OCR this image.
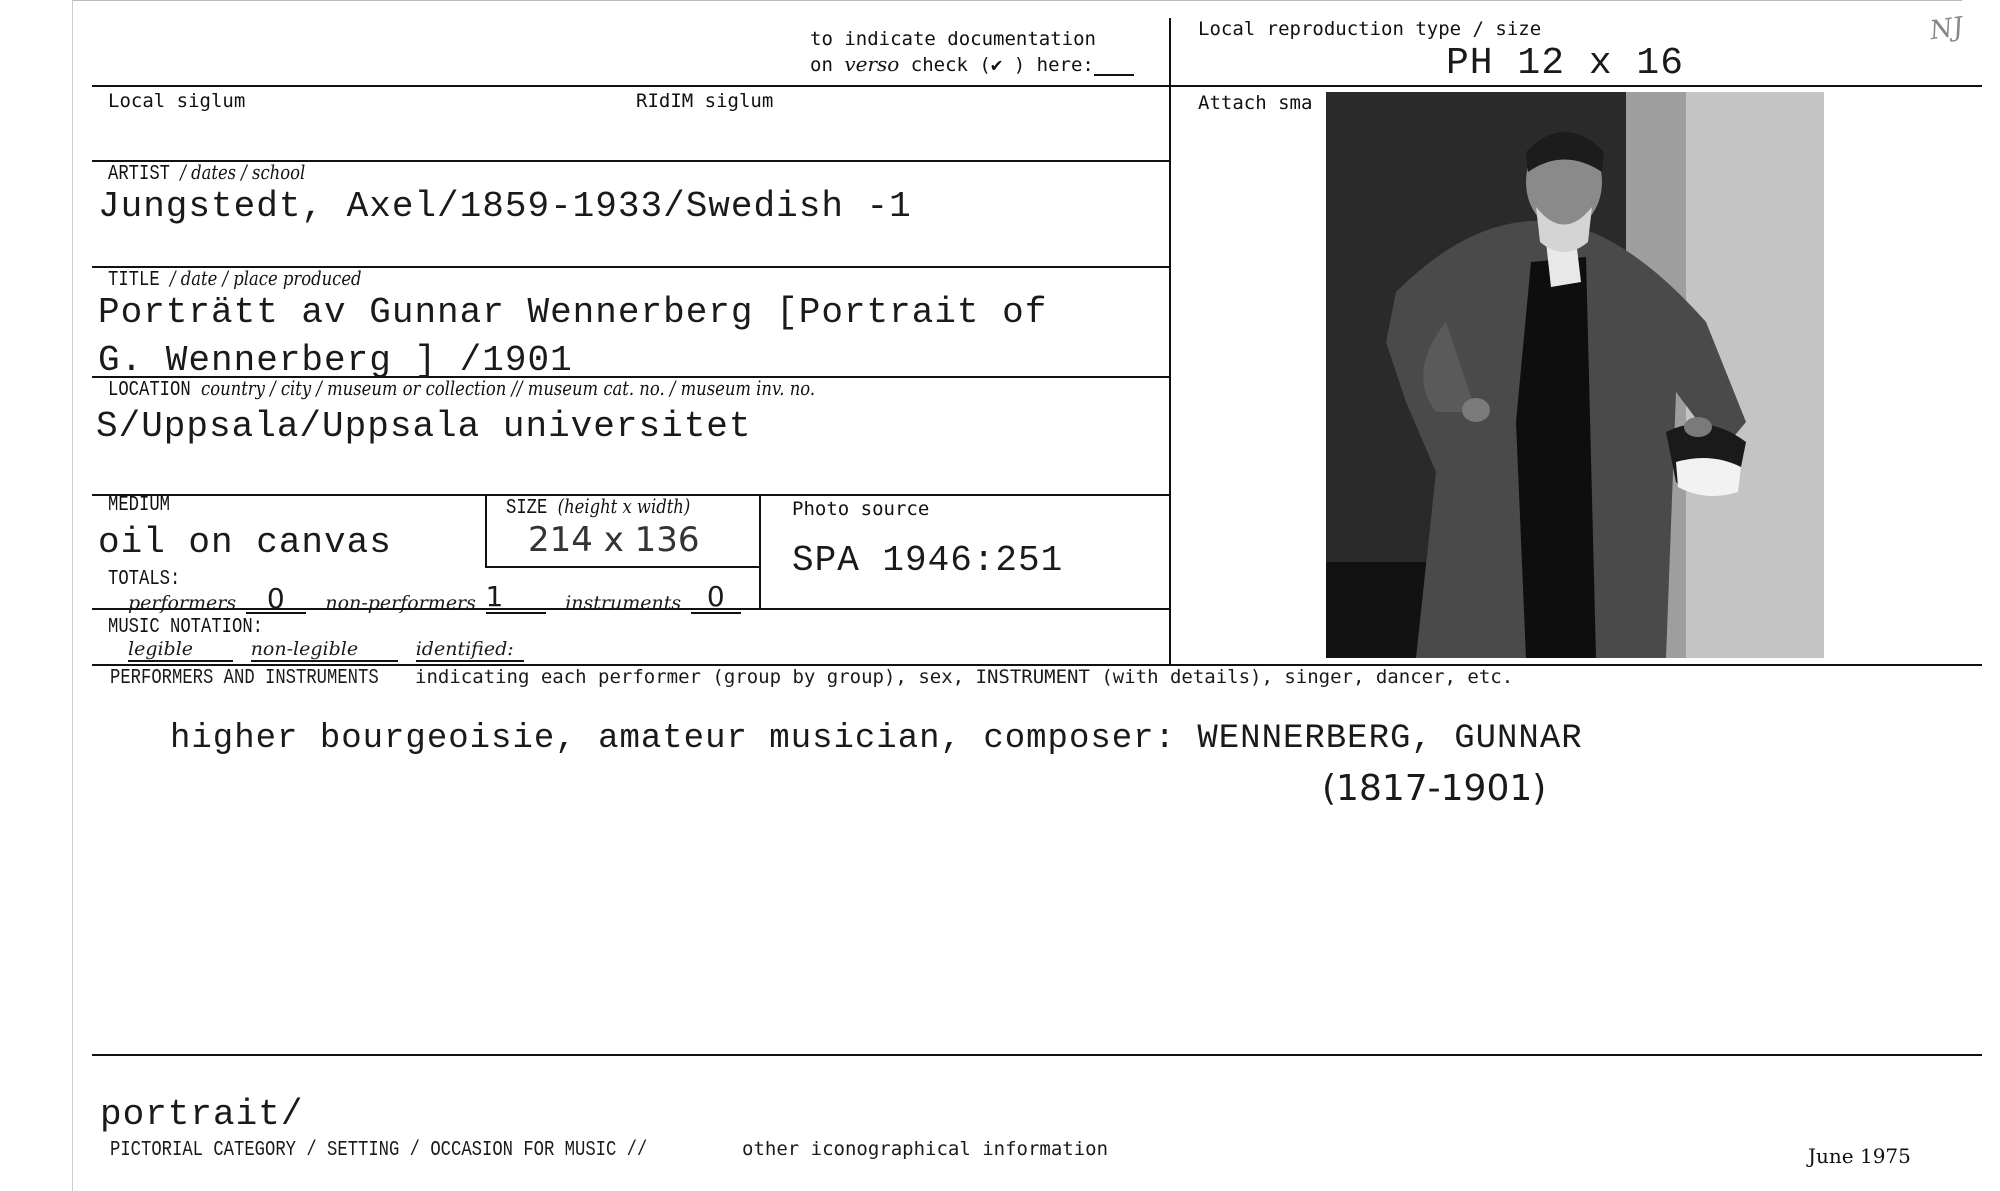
to indicate documentation
on verso check (✔ ) here:
Local reproduction type / size
PH 12 x 16
NJ
Local siglum	RIdIM siglum	Attach sma
ARTIST / dates / school
Jungstedt, Axel/1859-1933/Swedish -1
TITLE / date / place produced
Porträtt av Gunnar Wennerberg [Portrait of
G. Wennerberg ] /1901
LOCATION country / city / museum or collection // museum cat. no. / museum inv. no.
S/Uppsala/Uppsala universitet
MEDIUM
oil on canvas
SIZE (height x width)
214 x 136
Photo source
SPA 1946:251
TOTALS:
performers 0 non-performers 1	instruments 0
MUSIC NOTATION:
legible	non-legible	identified:
PERFORMERS AND INSTRUMENTS indicating each performer (group by group), sex, INSTRUMENT (with details), singer, dancer, etc.
higher bourgeoisie, amateur musician, composer: WENNERBERG, GUNNAR
(1817-1901)
portrait/
PICTORIAL CATEGORY / SETTING / OCCASION FOR MUSIC //	other iconographical information	June 1975
